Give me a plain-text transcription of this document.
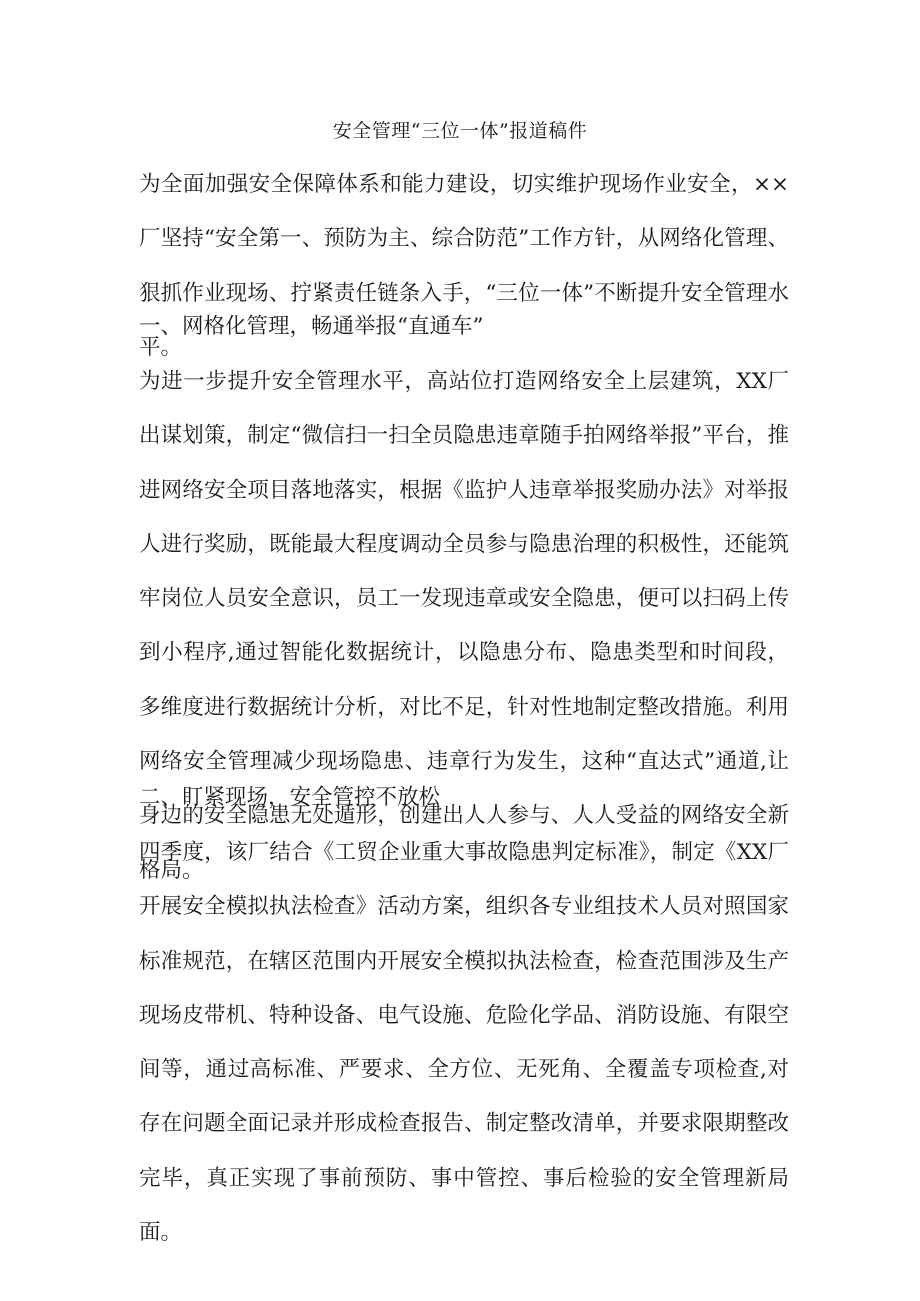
安全管理“三位一体”报道稿件

为全面加强安全保障体系和能力建设，切实维护现场作业安全，××厂坚持“安全第一、预防为主、综合防范”工作方针，从网络化管理、狠抓作业现场、拧紧责任链条入手，“三位一体”不断提升安全管理水平。

一、网格化管理，畅通举报“直通车”

为进一步提升安全管理水平，高站位打造网络安全上层建筑，XX厂出谋划策，制定“微信扫一扫全员隐患违章随手拍网络举报”平台，推进网络安全项目落地落实，根据《监护人违章举报奖励办法》对举报人进行奖励，既能最大程度调动全员参与隐患治理的积极性，还能筑牢岗位人员安全意识，员工一发现违章或安全隐患，便可以扫码上传到小程序,通过智能化数据统计，以隐患分布、隐患类型和时间段，多维度进行数据统计分析，对比不足，针对性地制定整改措施。利用网络安全管理减少现场隐患、违章行为发生，这种“直达式”通道,让身边的安全隐患无处遁形，创建出人人参与、人人受益的网络安全新格局。

二、盯紧现场，安全管控不放松

四季度，该厂结合《工贸企业重大事故隐患判定标准》，制定《XX厂开展安全模拟执法检查》活动方案，组织各专业组技术人员对照国家标准规范，在辖区范围内开展安全模拟执法检查，检查范围涉及生产现场皮带机、特种设备、电气设施、危险化学品、消防设施、有限空间等，通过高标准、严要求、全方位、无死角、全覆盖专项检查,对存在问题全面记录并形成检查报告、制定整改清单，并要求限期整改完毕，真正实现了事前预防、事中管控、事后检验的安全管理新局面。
